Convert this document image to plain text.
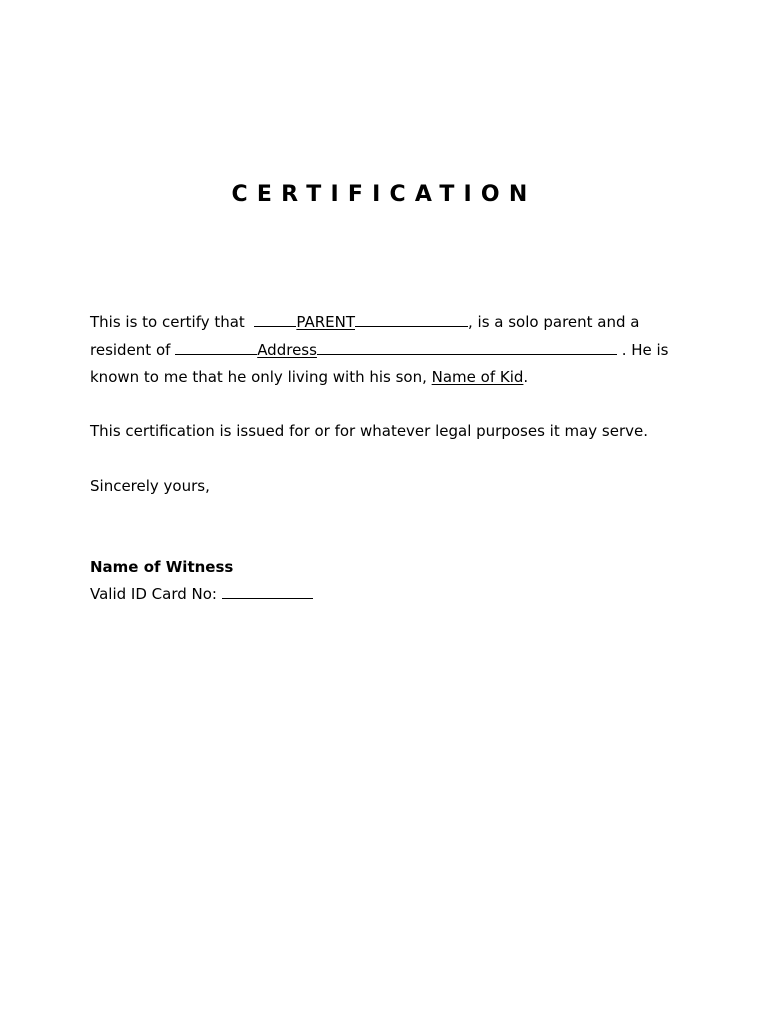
CERTIFICATION
This is to certify that	PARENT	, is a solo parent and a
resident of	Address	. He is
known to me that he only living with his son, Name of Kid.
This certification is issued for or for whatever legal purposes it may serve.
Sincerely yours,
Name of Witness
Valid ID Card No:
